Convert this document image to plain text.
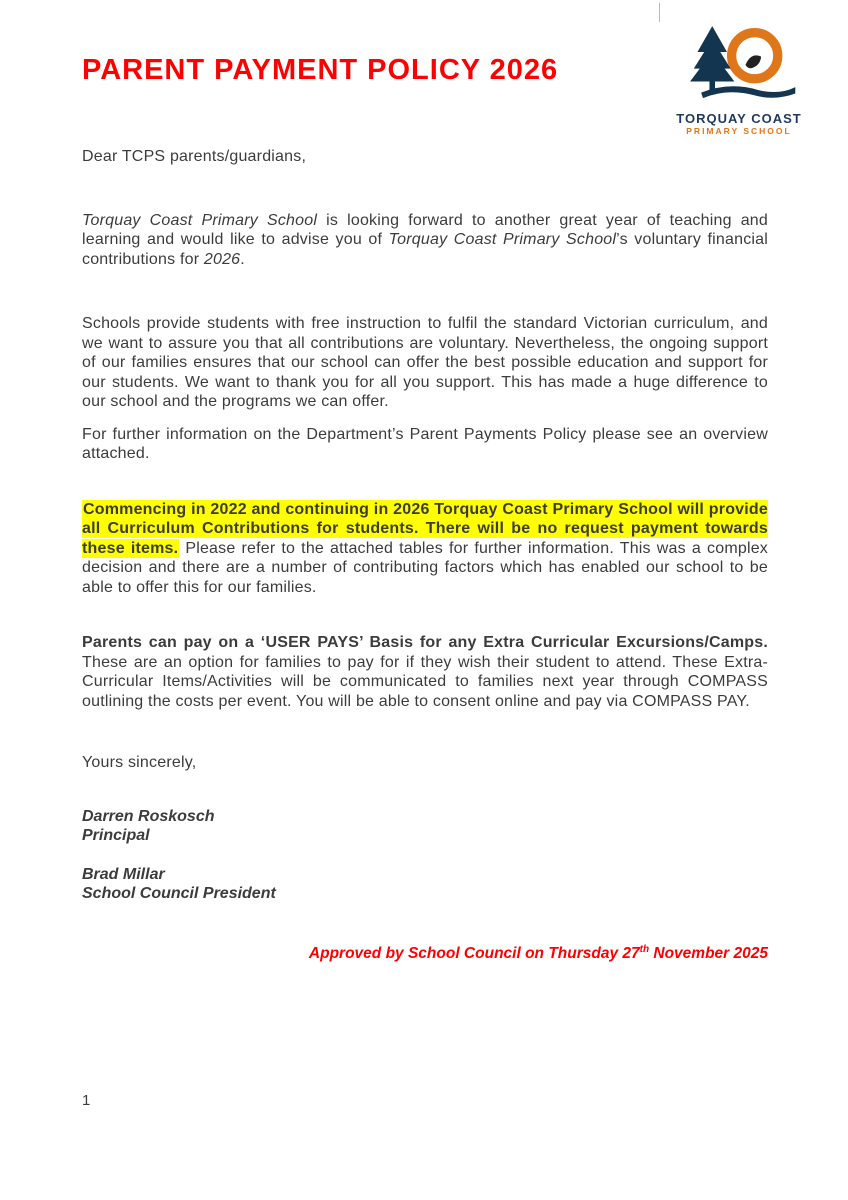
TORQUAY COAST
PRIMARY SCHOOL
PARENT PAYMENT POLICY 2026

Dear TCPS parents/guardians,

Torquay Coast Primary School is looking forward to another great year of teaching and learning and would like to advise you of Torquay Coast Primary School’s voluntary financial contributions for 2026.

Schools provide students with free instruction to fulfil the standard Victorian curriculum, and we want to assure you that all contributions are voluntary. Nevertheless, the ongoing support of our families ensures that our school can offer the best possible education and support for our students. We want to thank you for all you support. This has made a huge difference to our school and the programs we can offer.

For further information on the Department’s Parent Payments Policy please see an overview attached.

Commencing in 2022 and continuing in 2026 Torquay Coast Primary School will provide all Curriculum Contributions for students. There will be no request payment towards these items. Please refer to the attached tables for further information. This was a complex decision and there are a number of contributing factors which has enabled our school to be able to offer this for our families.

Parents can pay on a ‘USER PAYS’ Basis for any Extra Curricular Excursions/Camps. These are an option for families to pay for if they wish their student to attend. These Extra-Curricular Items/Activities will be communicated to families next year through COMPASS outlining the costs per event. You will be able to consent online and pay via COMPASS PAY.

Yours sincerely,

Darren Roskosch
Principal
Brad Millar
School Council President

Approved by School Council on Thursday 27th November 2025

1
